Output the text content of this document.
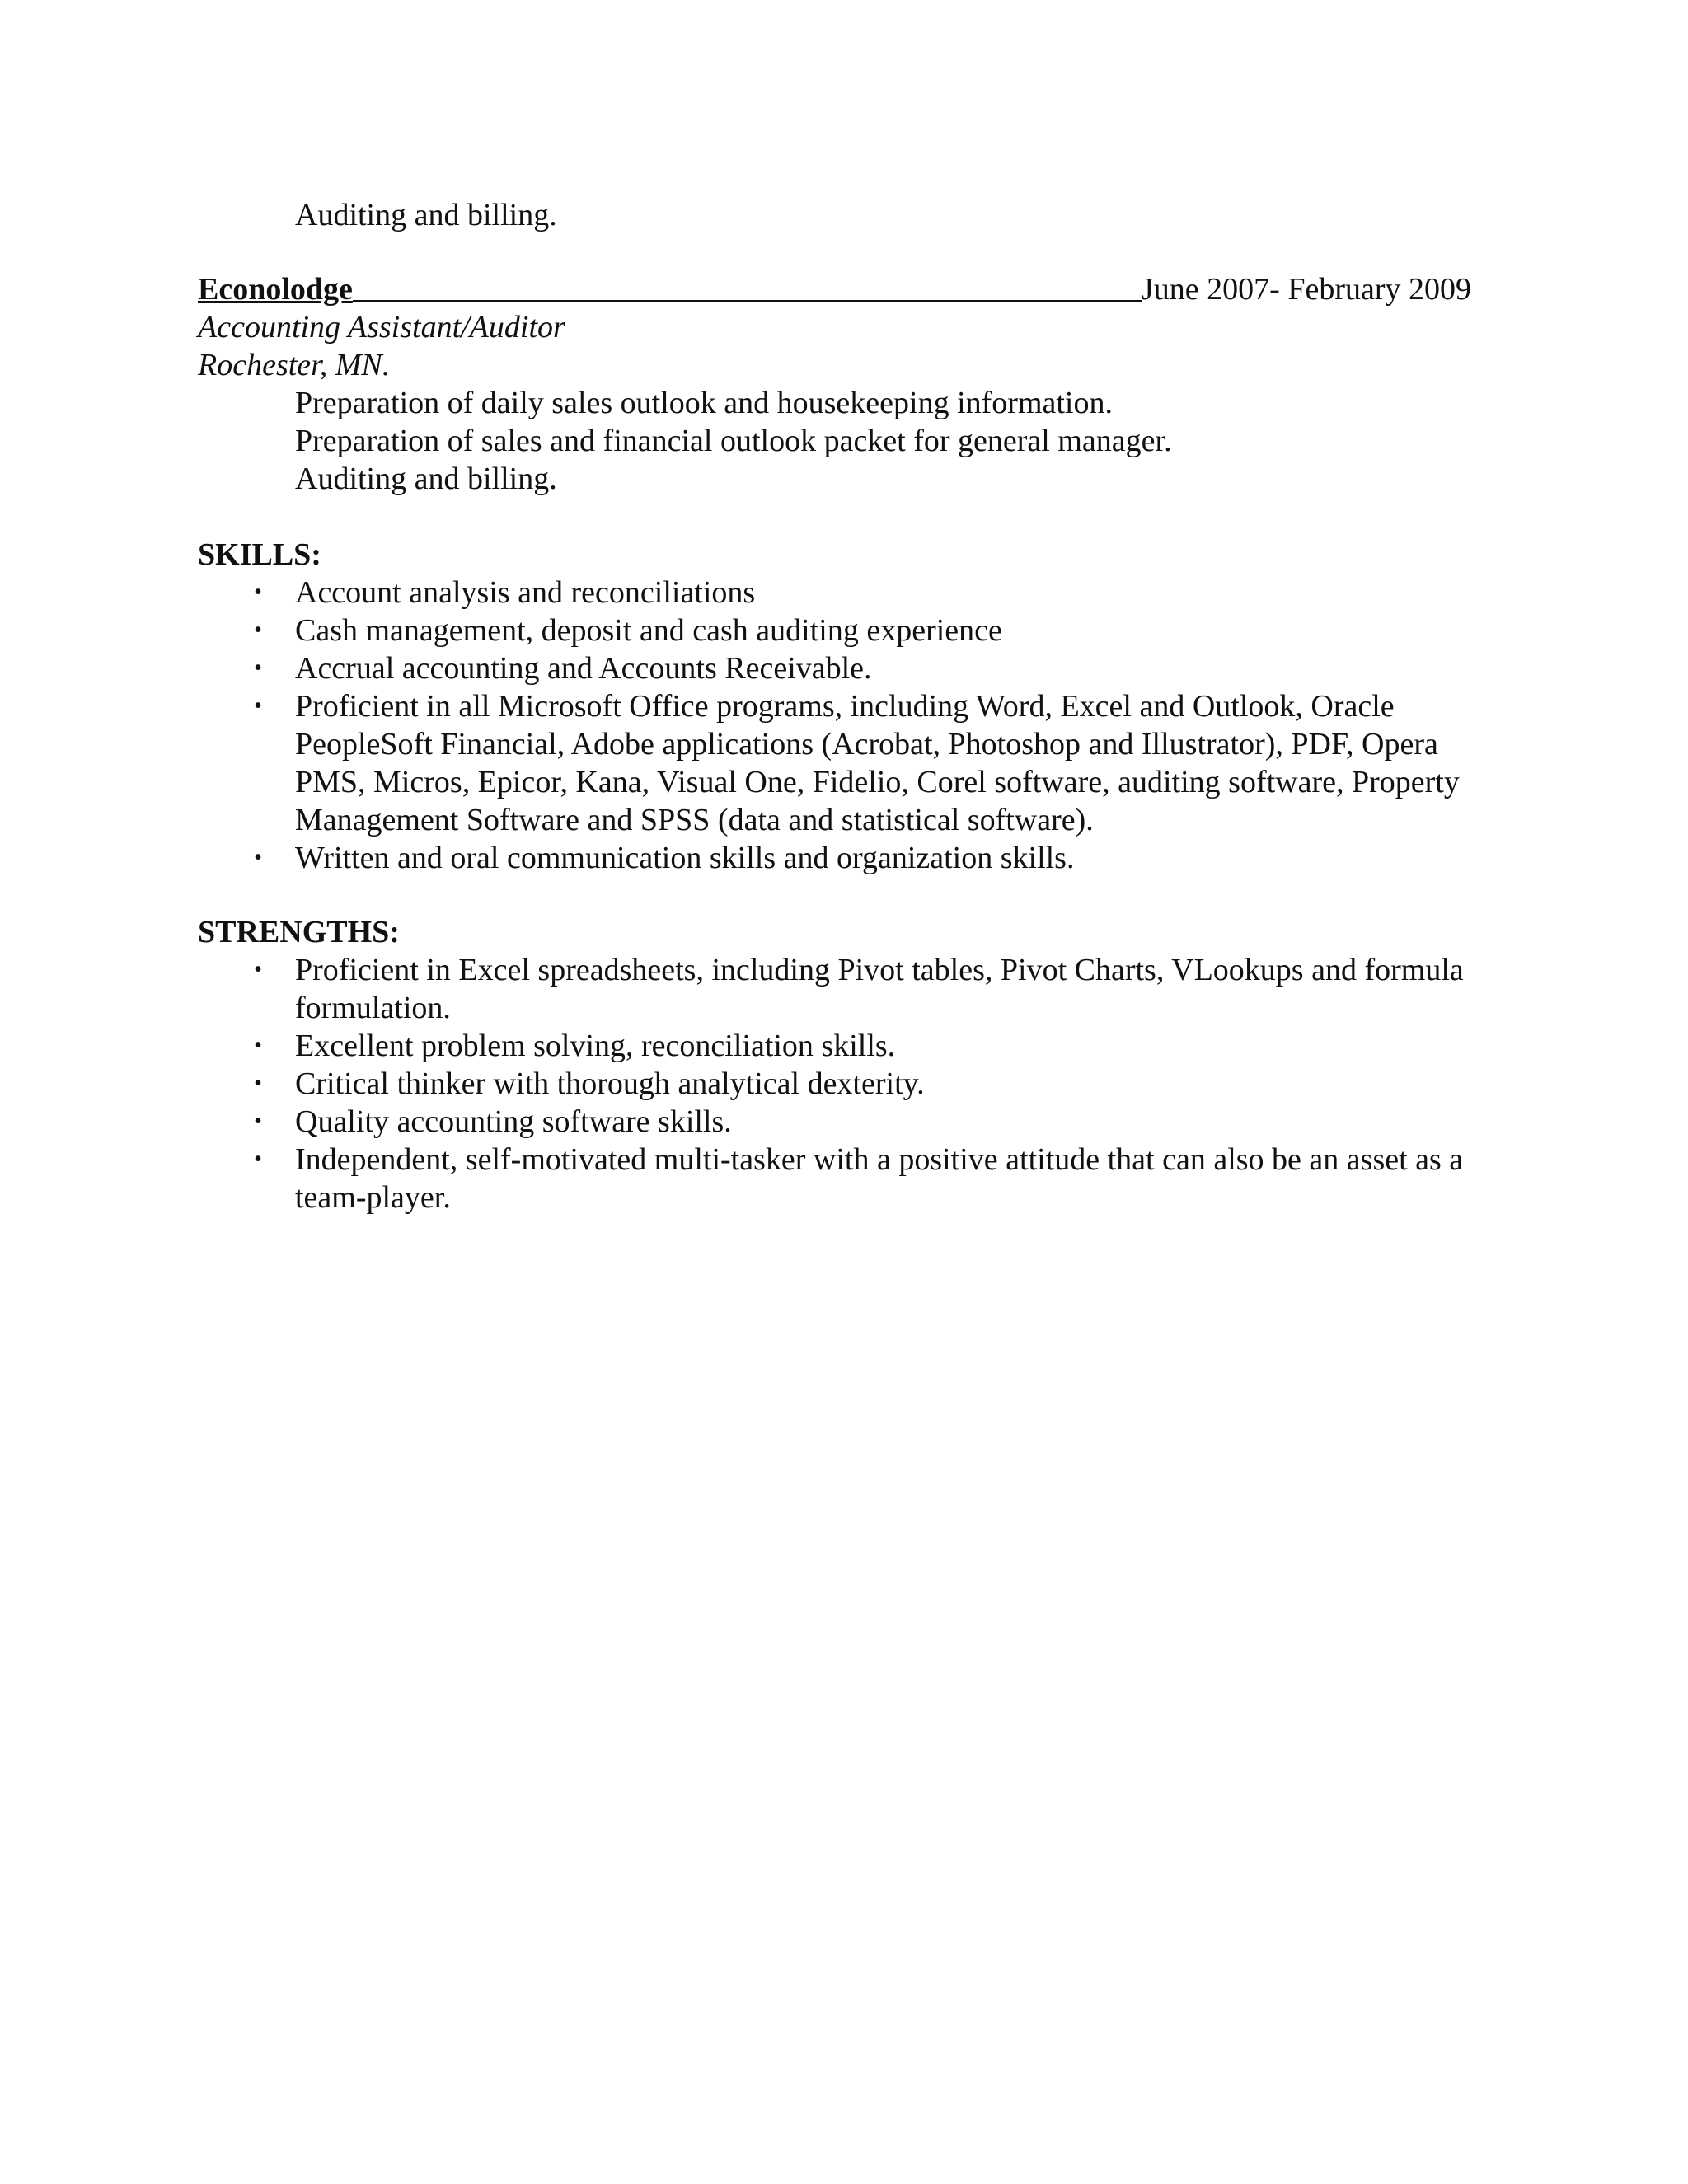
Auditing and billing.
Econolodge	June 2007- February 2009
Accounting Assistant/Auditor
Rochester, MN.
Preparation of daily sales outlook and housekeeping information.
Preparation of sales and financial outlook packet for general manager.
Auditing and billing.
SKILLS:
• Account analysis and reconciliations
• Cash management, deposit and cash auditing experience
• Accrual accounting and Accounts Receivable.
• Proficient in all Microsoft Office programs, including Word, Excel and Outlook, Oracle PeopleSoft Financial, Adobe applications (Acrobat, Photoshop and Illustrator), PDF, Opera PMS, Micros, Epicor, Kana, Visual One, Fidelio, Corel software, auditing software, Property Management Software and SPSS (data and statistical software).
• Written and oral communication skills and organization skills.
STRENGTHS:
• Proficient in Excel spreadsheets, including Pivot tables, Pivot Charts, VLookups and formula formulation.
• Excellent problem solving, reconciliation skills.
• Critical thinker with thorough analytical dexterity.
• Quality accounting software skills.
• Independent, self-motivated multi-tasker with a positive attitude that can also be an asset as a team-player.
